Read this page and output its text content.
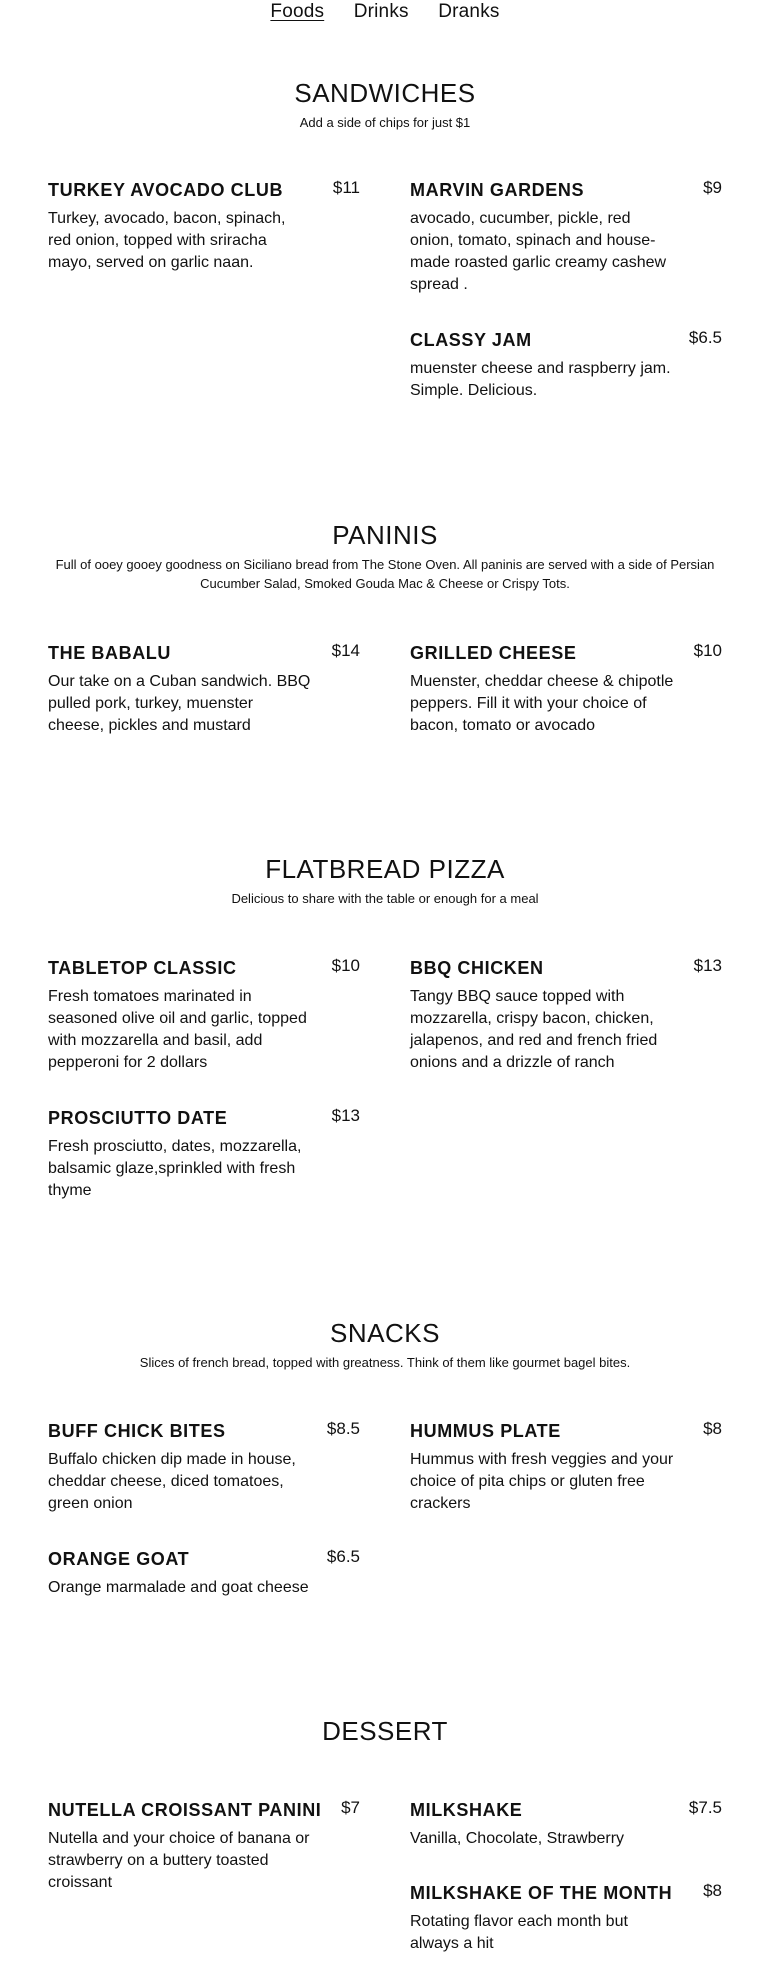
Foods Drinks Dranks
SANDWICHES
Add a side of chips for just $1
TURKEY AVOCADO CLUB	$11
Turkey, avocado, bacon, spinach, red onion, topped with sriracha mayo, served on garlic naan.
MARVIN GARDENS	$9
avocado, cucumber, pickle, red onion, tomato, spinach and house-made roasted garlic creamy cashew spread .
CLASSY JAM	$6.5
muenster cheese and raspberry jam. Simple. Delicious.
PANINIS
Full of ooey gooey goodness on Siciliano bread from The Stone Oven. All paninis are served with a side of Persian Cucumber Salad, Smoked Gouda Mac & Cheese or Crispy Tots.
THE BABALU	$14
Our take on a Cuban sandwich. BBQ pulled pork, turkey, muenster cheese, pickles and mustard
GRILLED CHEESE	$10
Muenster, cheddar cheese & chipotle peppers. Fill it with your choice of bacon, tomato or avocado
FLATBREAD PIZZA
Delicious to share with the table or enough for a meal
TABLETOP CLASSIC	$10
Fresh tomatoes marinated in seasoned olive oil and garlic, topped with mozzarella and basil, add pepperoni for 2 dollars
BBQ CHICKEN	$13
Tangy BBQ sauce topped with mozzarella, crispy bacon, chicken, jalapenos, and red and french fried onions and a drizzle of ranch
PROSCIUTTO DATE	$13
Fresh prosciutto, dates, mozzarella, balsamic glaze,sprinkled with fresh thyme
SNACKS
Slices of french bread, topped with greatness. Think of them like gourmet bagel bites.
BUFF CHICK BITES	$8.5
Buffalo chicken dip made in house, cheddar cheese, diced tomatoes, green onion
HUMMUS PLATE	$8
Hummus with fresh veggies and your choice of pita chips or gluten free crackers
ORANGE GOAT	$6.5
Orange marmalade and goat cheese
DESSERT
NUTELLA CROISSANT PANINI $7
Nutella and your choice of banana or strawberry on a buttery toasted croissant
MILKSHAKE	$7.5
Vanilla, Chocolate, Strawberry
MILKSHAKE OF THE MONTH $8
Rotating flavor each month but always a hit
